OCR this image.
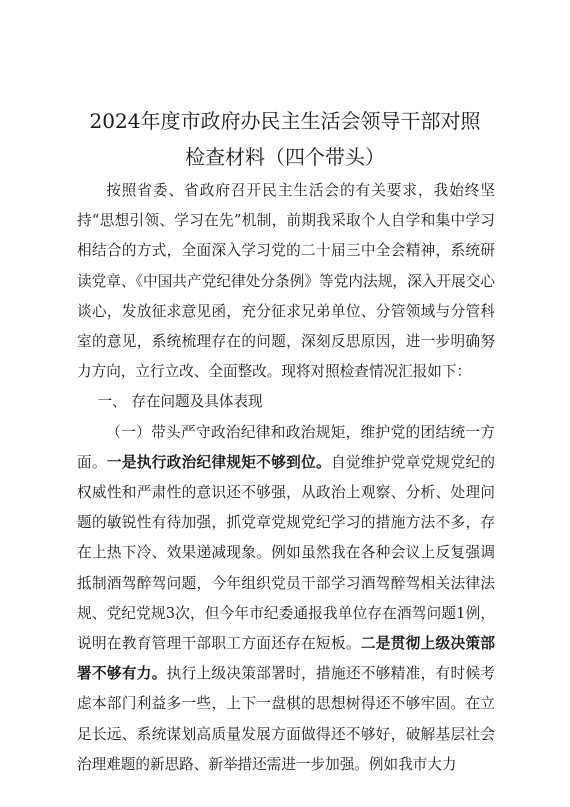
2024年度市政府办民主生活会领导干部对照
检查材料（四个带头）

按照省委、省政府召开民主生活会的有关要求，我始终坚持“思想引领、学习在先”机制，前期我采取个人自学和集中学习相结合的方式，全面深入学习党的二十届三中全会精神，系统研读党章、《中国共产党纪律处分条例》等党内法规，深入开展交心谈心，发放征求意见函，充分征求兄弟单位、分管领域与分管科室的意见，系统梳理存在的问题，深刻反思原因，进一步明确努力方向，立行立改、全面整改。现将对照检查情况汇报如下：

一、 存在问题及具体表现

（一）带头严守政治纪律和政治规矩，维护党的团结统一方面。一是执行政治纪律规矩不够到位。自觉维护党章党规党纪的权威性和严肃性的意识还不够强，从政治上观察、分析、处理问题的敏锐性有待加强，抓党章党规党纪学习的措施方法不多，存在上热下冷、效果递减现象。例如虽然我在各种会议上反复强调抵制酒驾醉驾问题，今年组织党员干部学习酒驾醉驾相关法律法规、党纪党规3次，但今年市纪委通报我单位存在酒驾问题1例，说明在教育管理干部职工方面还存在短板。二是贯彻上级决策部署不够有力。执行上级决策部署时，措施还不够精准，有时候考虑本部门利益多一些，上下一盘棋的思想树得还不够牢固。在立足长远、系统谋划高质量发展方面做得还不够好，破解基层社会治理难题的新思路、新举措还需进一步加强。例如我市大力
